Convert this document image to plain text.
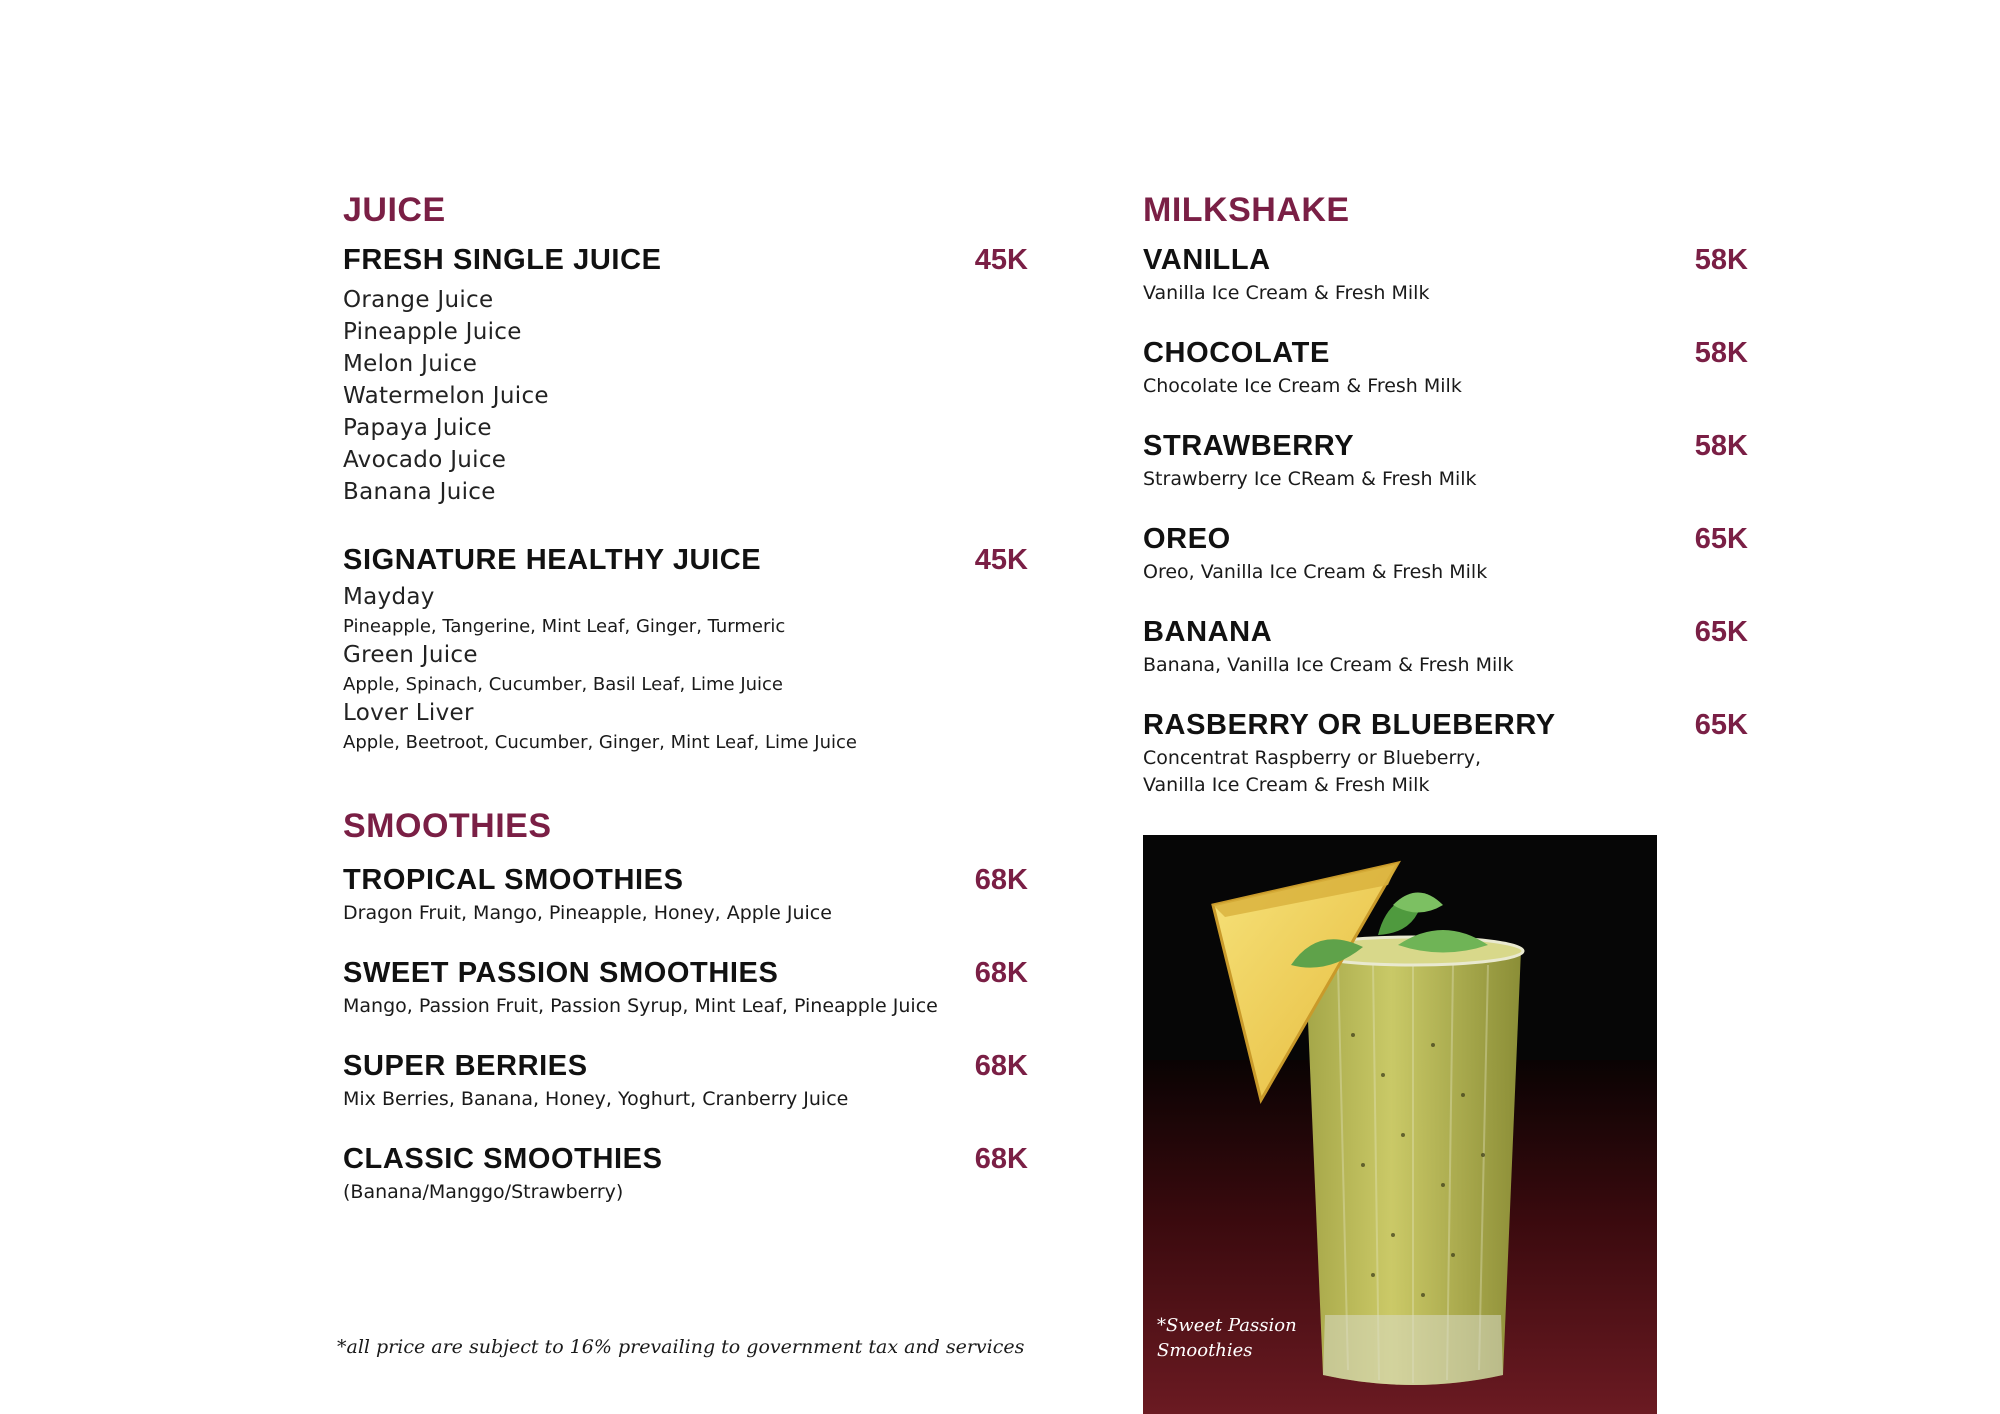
JUICE
FRESH SINGLE JUICE	45K
Orange Juice
Pineapple Juice
Melon Juice
Watermelon Juice
Papaya Juice
Avocado Juice
Banana Juice
SIGNATURE HEALTHY JUICE	45K
Mayday
Pineapple, Tangerine, Mint Leaf, Ginger, Turmeric
Green Juice
Apple, Spinach, Cucumber, Basil Leaf, Lime Juice
Lover Liver
Apple, Beetroot, Cucumber, Ginger, Mint Leaf, Lime Juice
SMOOTHIES
TROPICAL SMOOTHIES	68K
Dragon Fruit, Mango, Pineapple, Honey, Apple Juice
SWEET PASSION SMOOTHIES	68K
Mango, Passion Fruit, Passion Syrup, Mint Leaf, Pineapple Juice
SUPER BERRIES	68K
Mix Berries, Banana, Honey, Yoghurt, Cranberry Juice
CLASSIC SMOOTHIES	68K
(Banana/Manggo/Strawberry)
MILKSHAKE
VANILLA	58K
Vanilla Ice Cream & Fresh Milk
CHOCOLATE	58K
Chocolate Ice Cream & Fresh Milk
STRAWBERRY	58K
Strawberry Ice CReam & Fresh Milk
OREO	65K
Oreo, Vanilla Ice Cream & Fresh Milk
BANANA	65K
Banana, Vanilla Ice Cream & Fresh Milk
RASBERRY OR BLUEBERRY	65K
Concentrat Raspberry or Blueberry,
Vanilla Ice Cream & Fresh Milk
*Sweet Passion
Smoothies
*all price are subject to 16% prevailing to government tax and services
